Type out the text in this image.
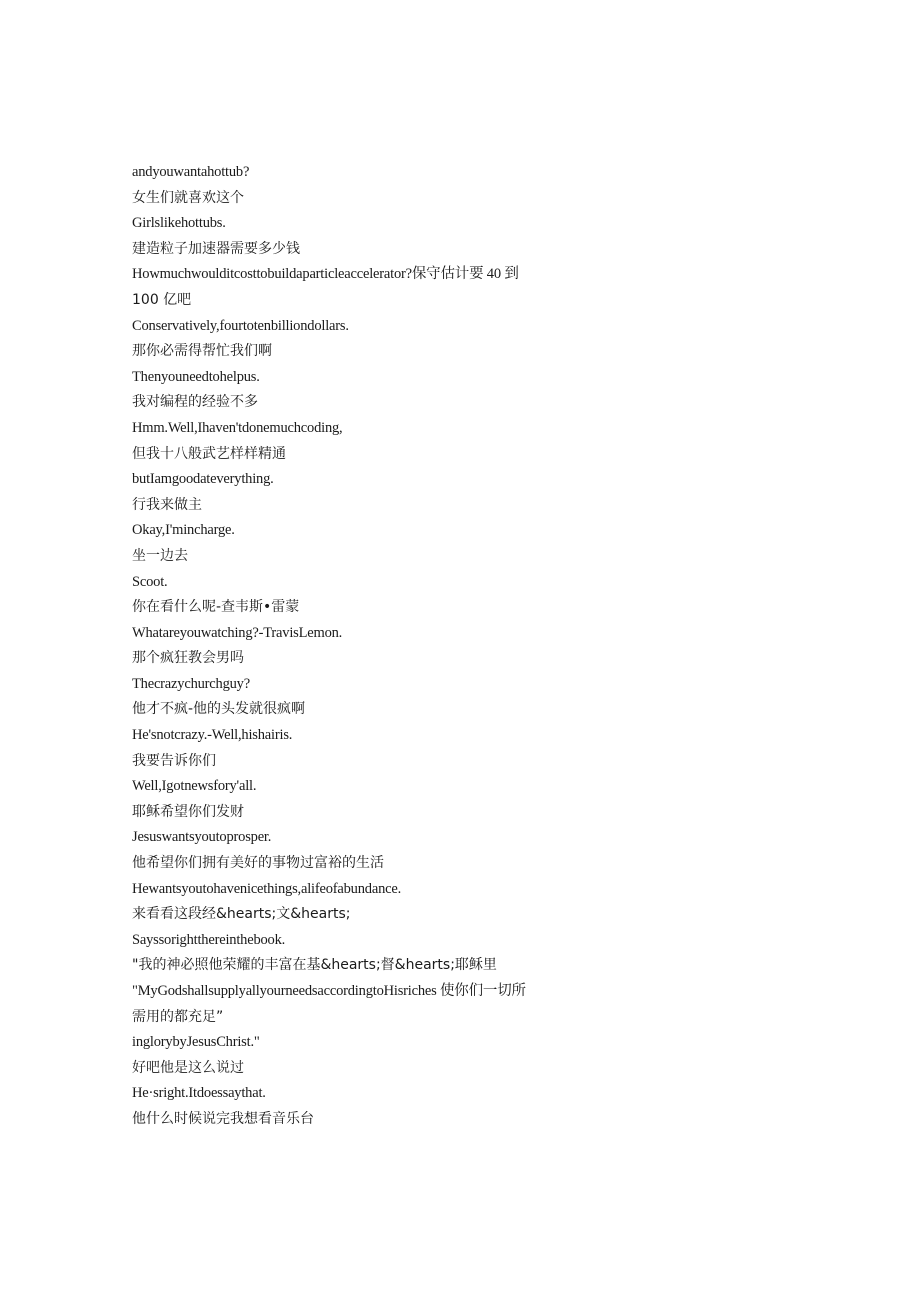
andyouwantahottub?
女生们就喜欢这个
Girlslikehottubs.
建造粒子加速器需要多少钱
Howmuchwoulditcosttobuildaparticleaccelerator?保守估计要 40 到
100 亿吧
Conservatively,fourtotenbilliondollars.
那你必需得帮忙我们啊
Thenyouneedtohelpus.
我对编程的经验不多
Hmm.Well,Ihaven'tdonemuchcoding,
但我十八般武艺样样精通
butIamgoodateverything.
行我来做主
Okay,I'mincharge.
坐一边去
Scoot.
你在看什么呢-查韦斯•雷蒙
Whatareyouwatching?-TravisLemon.
那个疯狂教会男吗
Thecrazychurchguy?
他才不疯-他的头发就很疯啊
He'snotcrazy.-Well,hishairis.
我要告诉你们
Well,Igotnewsfory'all.
耶稣希望你们发财
Jesuswantsyoutoprosper.
他希望你们拥有美好的事物过富裕的生活
Hewantsyoutohavenicethings,alifeofabundance.
来看看这段经&hearts;文&hearts;
Sayssorightthereinthebook.
"我的神必照他荣耀的丰富在基&hearts;督&hearts;耶稣里
"MyGodshallsupplyallyourneedsaccordingtoHisriches 使你们一切所
需用的都充足”
inglorybyJesusChrist."
好吧他是这么说过
He·sright.Itdoessaythat.
他什么时候说完我想看音乐台
